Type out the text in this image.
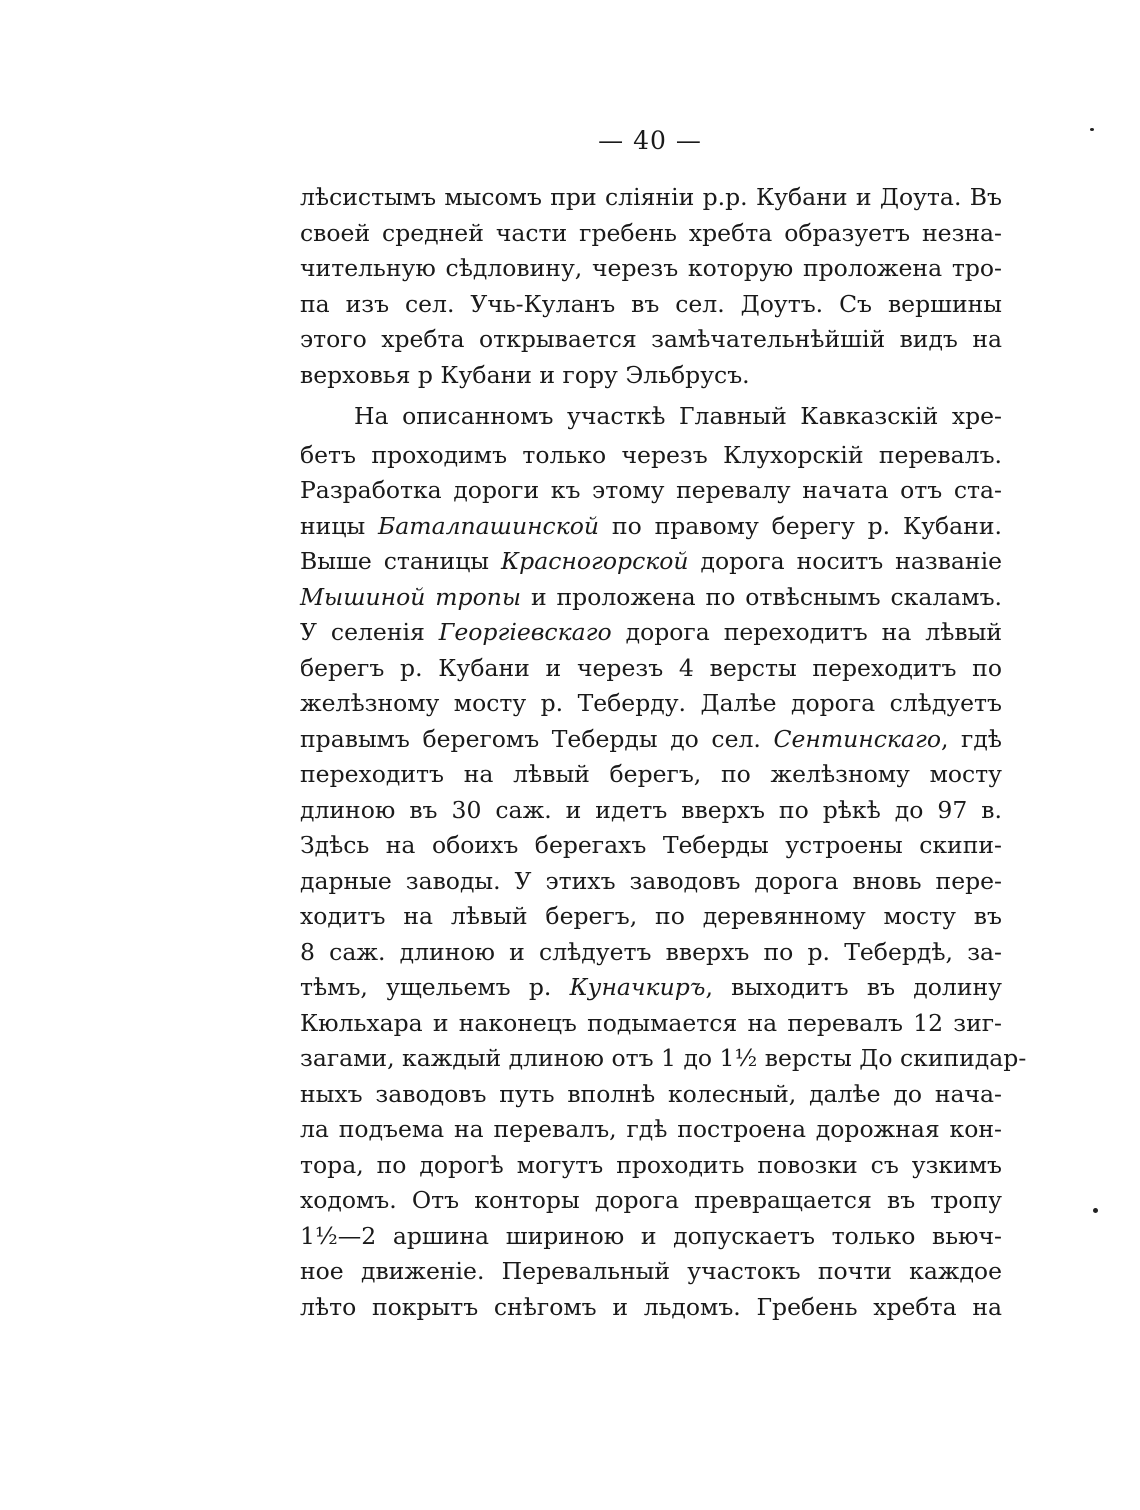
— 40 —
лѣсистымъ мысомъ при сліяніи р.р. Кубани и Доута. Въ
своей средней части гребень хребта образуетъ незна-
чительную сѣдловину, черезъ которую проложена тро-
па изъ сел. Учь-Куланъ въ сел. Доутъ. Съ вершины
этого хребта открывается замѣчательнѣйшій видъ на
верховья р Кубани и гору Эльбрусъ.
На описанномъ участкѣ Главный Кавказскій хре-
бетъ проходимъ только черезъ Клухорскій перевалъ.
Разработка дороги къ этому перевалу начата отъ ста-
ницы Баталпашинской по правому берегу р. Кубани.
Выше станицы Красногорской дорога носитъ названіе
Мышиной тропы и проложена по отвѣснымъ скаламъ.
У селенія Георгіевскаго дорога переходитъ на лѣвый
берегъ р. Кубани и черезъ 4 версты переходитъ по
желѣзному мосту р. Теберду. Далѣе дорога слѣдуетъ
правымъ берегомъ Теберды до сел. Сентинскаго, гдѣ
переходитъ на лѣвый берегъ, по желѣзному мосту
длиною въ 30 саж. и идетъ вверхъ по рѣкѣ до 97 в.
Здѣсь на обоихъ берегахъ Теберды устроены скипи-
дарные заводы. У этихъ заводовъ дорога вновь пере-
ходитъ на лѣвый берегъ, по деревянному мосту въ
8 саж. длиною и слѣдуетъ вверхъ по р. Тебердѣ, за-
тѣмъ, ущельемъ р. Куначкиръ, выходитъ въ долину
Кюльхара и наконецъ подымается на перевалъ 12 зиг-
загами, каждый длиною отъ 1 до 1½ версты До скипидар-
ныхъ заводовъ путь вполнѣ колесный, далѣе до нача-
ла подъема на перевалъ, гдѣ построена дорожная кон-
тора, по дорогѣ могутъ проходить повозки съ узкимъ
ходомъ. Отъ конторы дорога превращается въ тропу
1½—2 аршина шириною и допускаетъ только вьюч-
ное движеніе. Перевальный участокъ почти каждое
лѣто покрытъ снѣгомъ и льдомъ. Гребень хребта на
